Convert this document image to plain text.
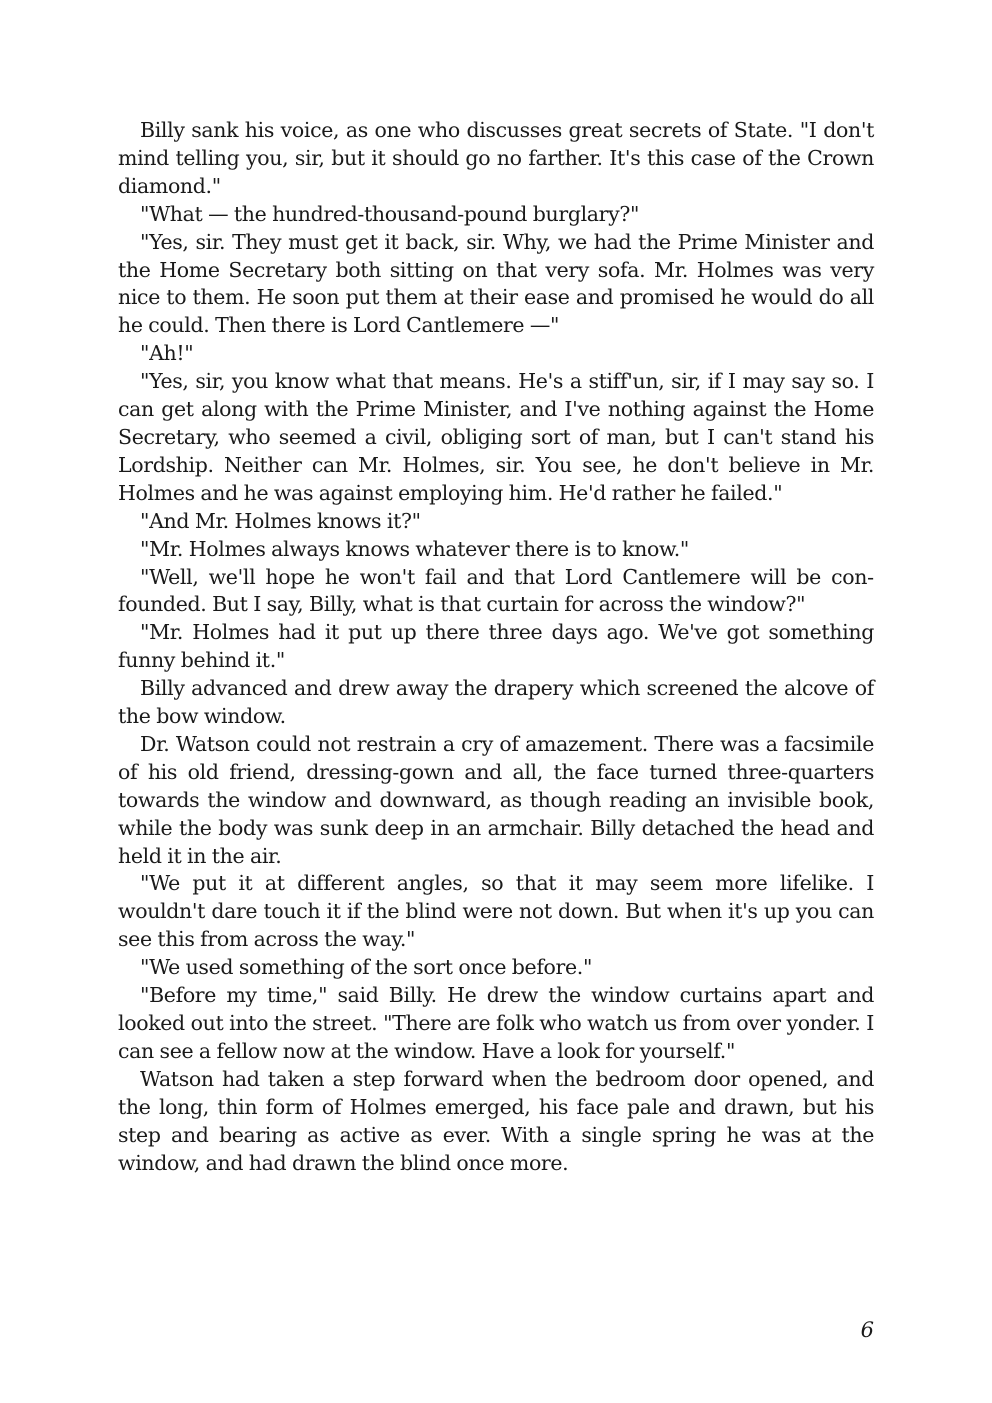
Billy sank his voice, as one who discusses great secrets of State. "I don't mind telling you, sir, but it should go no farther. It's this case of the Crown diamond."

"What — the hundred-thousand-pound burglary?"

"Yes, sir. They must get it back, sir. Why, we had the Prime Minister and the Home Secretary both sitting on that very sofa. Mr. Holmes was very nice to them. He soon put them at their ease and promised he would do all he could. Then there is Lord Cantlemere —"

"Ah!"

"Yes, sir, you know what that means. He's a stiff'un, sir, if I may say so. I can get along with the Prime Minister, and I've nothing against the Home Secretary, who seemed a civil, obliging sort of man, but I can't stand his Lordship. Neither can Mr. Holmes, sir. You see, he don't believe in Mr. Holmes and he was against employing him. He'd rather he failed."

"And Mr. Holmes knows it?"

"Mr. Holmes always knows whatever there is to know."

"Well, we'll hope he won't fail and that Lord Cantlemere will be confounded. But I say, Billy, what is that curtain for across the window?"

"Mr. Holmes had it put up there three days ago. We've got something funny behind it."

Billy advanced and drew away the drapery which screened the alcove of the bow window.

Dr. Watson could not restrain a cry of amazement. There was a facsimile of his old friend, dressing-gown and all, the face turned three-quarters towards the window and downward, as though reading an invisible book, while the body was sunk deep in an armchair. Billy detached the head and held it in the air.

"We put it at different angles, so that it may seem more lifelike. I wouldn't dare touch it if the blind were not down. But when it's up you can see this from across the way."

"We used something of the sort once before."

"Before my time," said Billy. He drew the window curtains apart and looked out into the street. "There are folk who watch us from over yonder. I can see a fellow now at the window. Have a look for yourself."

Watson had taken a step forward when the bedroom door opened, and the long, thin form of Holmes emerged, his face pale and drawn, but his step and bearing as active as ever. With a single spring he was at the window, and had drawn the blind once more.

6
